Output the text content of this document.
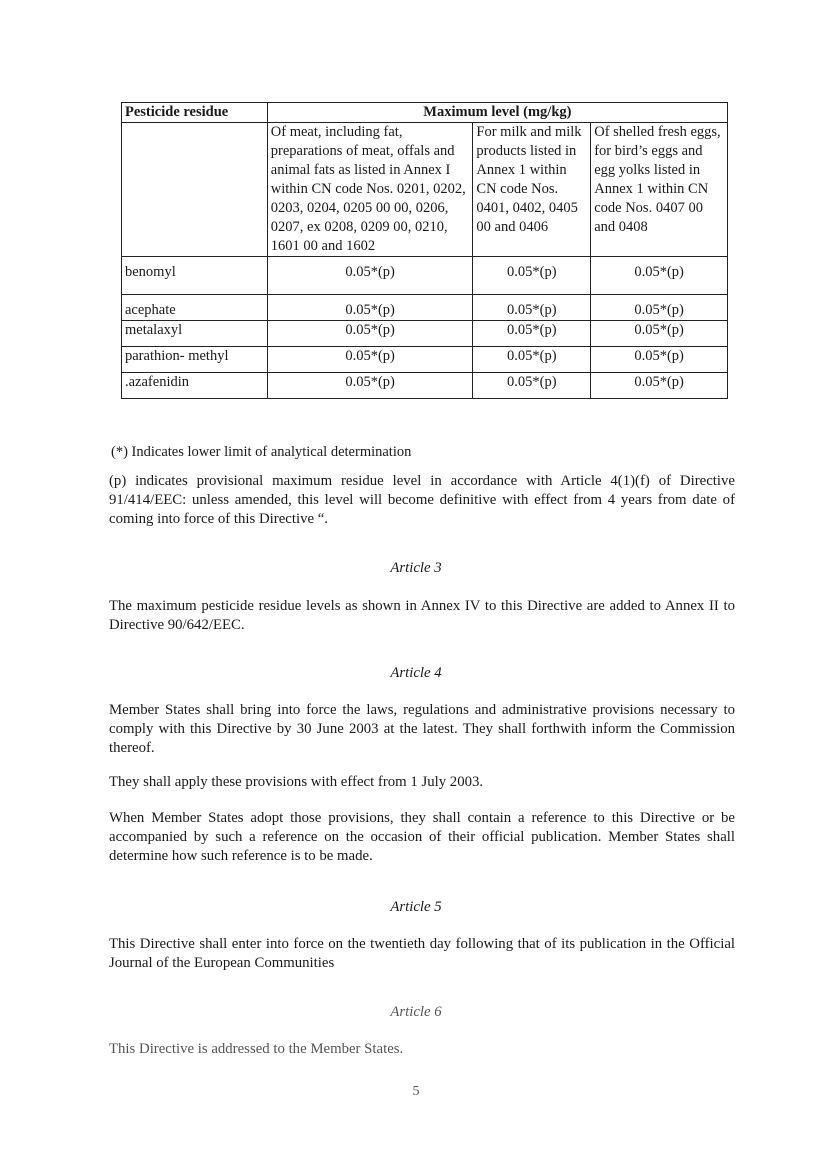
Pesticide residue	Maximum level (mg/kg)		
	Of meat, including fat, preparations of meat, offals and animal fats as listed in Annex I within CN code Nos. 0201, 0202, 0203, 0204, 0205 00 00, 0206, 0207, ex 0208, 0209 00, 0210, 1601 00 and 1602	For milk and milk products listed in Annex 1 within CN code Nos. 0401, 0402, 0405 00 and 0406	Of shelled fresh eggs, for bird’s eggs and egg yolks listed in Annex 1 within CN code Nos. 0407 00 and 0408
benomyl	0.05*(p)	0.05*(p)	0.05*(p)
acephate	0.05*(p)	0.05*(p)	0.05*(p)
metalaxyl	0.05*(p)	0.05*(p)	0.05*(p)
parathion- methyl	0.05*(p)	0.05*(p)	0.05*(p)
.azafenidin	0.05*(p)	0.05*(p)	0.05*(p)
(*) Indicates lower limit of analytical determination

(p) indicates provisional maximum residue level in accordance with Article 4(1)(f) of Directive 91/414/EEC: unless amended, this level will become definitive with effect from 4 years from date of coming into force of this Directive “.

Article 3

The maximum pesticide residue levels as shown in Annex IV to this Directive are added to Annex II to Directive 90/642/EEC.

Article 4

Member States shall bring into force the laws, regulations and administrative provisions necessary to comply with this Directive by 30 June 2003 at the latest. They shall forthwith inform the Commission thereof.

They shall apply these provisions with effect from 1 July 2003.

When Member States adopt those provisions, they shall contain a reference to this Directive or be accompanied by such a reference on the occasion of their official publication. Member States shall determine how such reference is to be made.

Article 5

This Directive shall enter into force on the twentieth day following that of its publication in the Official Journal of the European Communities

Article 6

This Directive is addressed to the Member States.

5
